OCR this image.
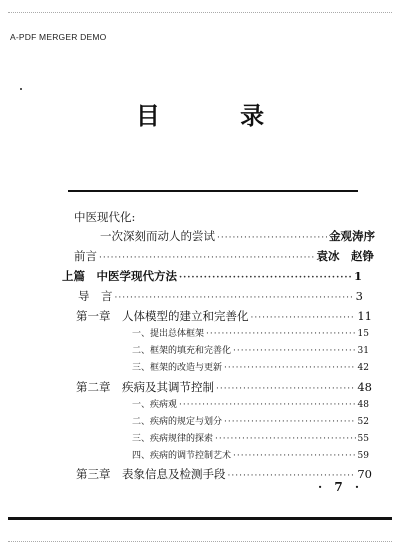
A-PDF MERGER DEMO
目 录
中医现代化:
一次深刻而动人的尝试 ·····	金观涛序
前言 ·····	袁冰　赵铮
上篇　中医学现代方法 ·····	1
导　言 ·····	3
第一章　人体模型的建立和完善化 ·····	11
一、提出总体框架 ·····	15
二、框架的填充和完善化 ·····	31
三、框架的改造与更新 ·····	42
第二章　疾病及其调节控制 ·····	48
一、疾病观 ·····	48
二、疾病的规定与划分 ·····	52
三、疾病规律的探索 ·····	55
四、疾病的调节控制艺术 ·····	59
第三章　表象信息及检测手段 ·····	70
· 7 ·
